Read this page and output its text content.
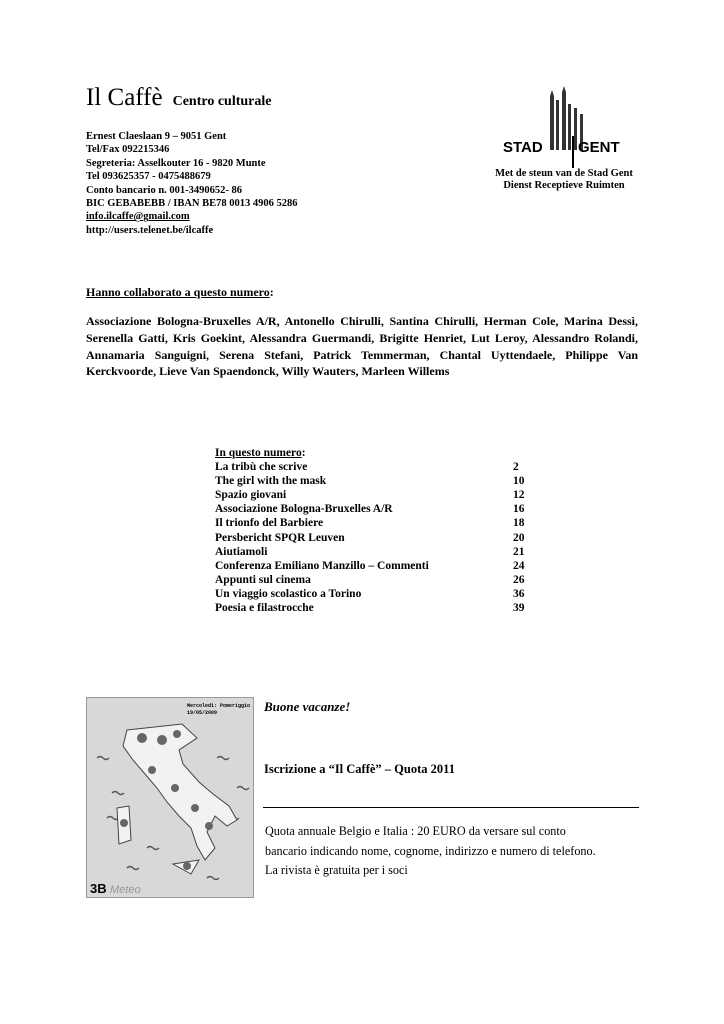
Il Caffè Centro culturale
Ernest Claeslaan 9 – 9051 Gent
Tel/Fax 092215346
Segreteria: Asselkouter 16 - 9820 Munte
Tel 093625357 - 0475488679
Conto bancario n. 001-3490652- 86
BIC GEBABEBB / IBAN BE78 0013 4906 5286
info.ilcaffe@gmail.com
http://users.telenet.be/ilcaffe
STAD GENT
Met de steun van de Stad Gent
Dienst Receptieve Ruimten
Hanno collaborato a questo numero:
Associazione Bologna-Bruxelles A/R, Antonello Chirulli, Santina Chirulli, Herman Cole, Marina Dessì, Serenella Gatti, Kris Goekint, Alessandra Guermandi, Brigitte Henriet, Lut Leroy, Alessandro Rolandi, Annamaria Sanguigni, Serena Stefani, Patrick Temmerman, Chantal Uyttendaele, Philippe Van Kerckvoorde, Lieve Van Spaendonck, Willy Wauters, Marleen Willems
In questo numero:
La tribù che scrive	2
The girl with the mask	10
Spazio giovani	12
Associazione Bologna-Bruxelles A/R	16
Il trionfo del Barbiere	18
Persbericht SPQR Leuven	20
Aiutiamoli	21
Conferenza Emiliano Manzillo – Commenti	24
Appunti sul cinema	26
Un viaggio scolastico a Torino	36
Poesia e filastrocche	39
Mercoledì: Pomeriggio
19/05/2009
3B Meteo
Buone vacanze!
Iscrizione a “Il Caffè” – Quota 2011
Quota annuale Belgio e Italia : 20 EURO da versare sul conto
bancario indicando nome, cognome, indirizzo e numero di telefono.
La rivista è gratuita per i soci
